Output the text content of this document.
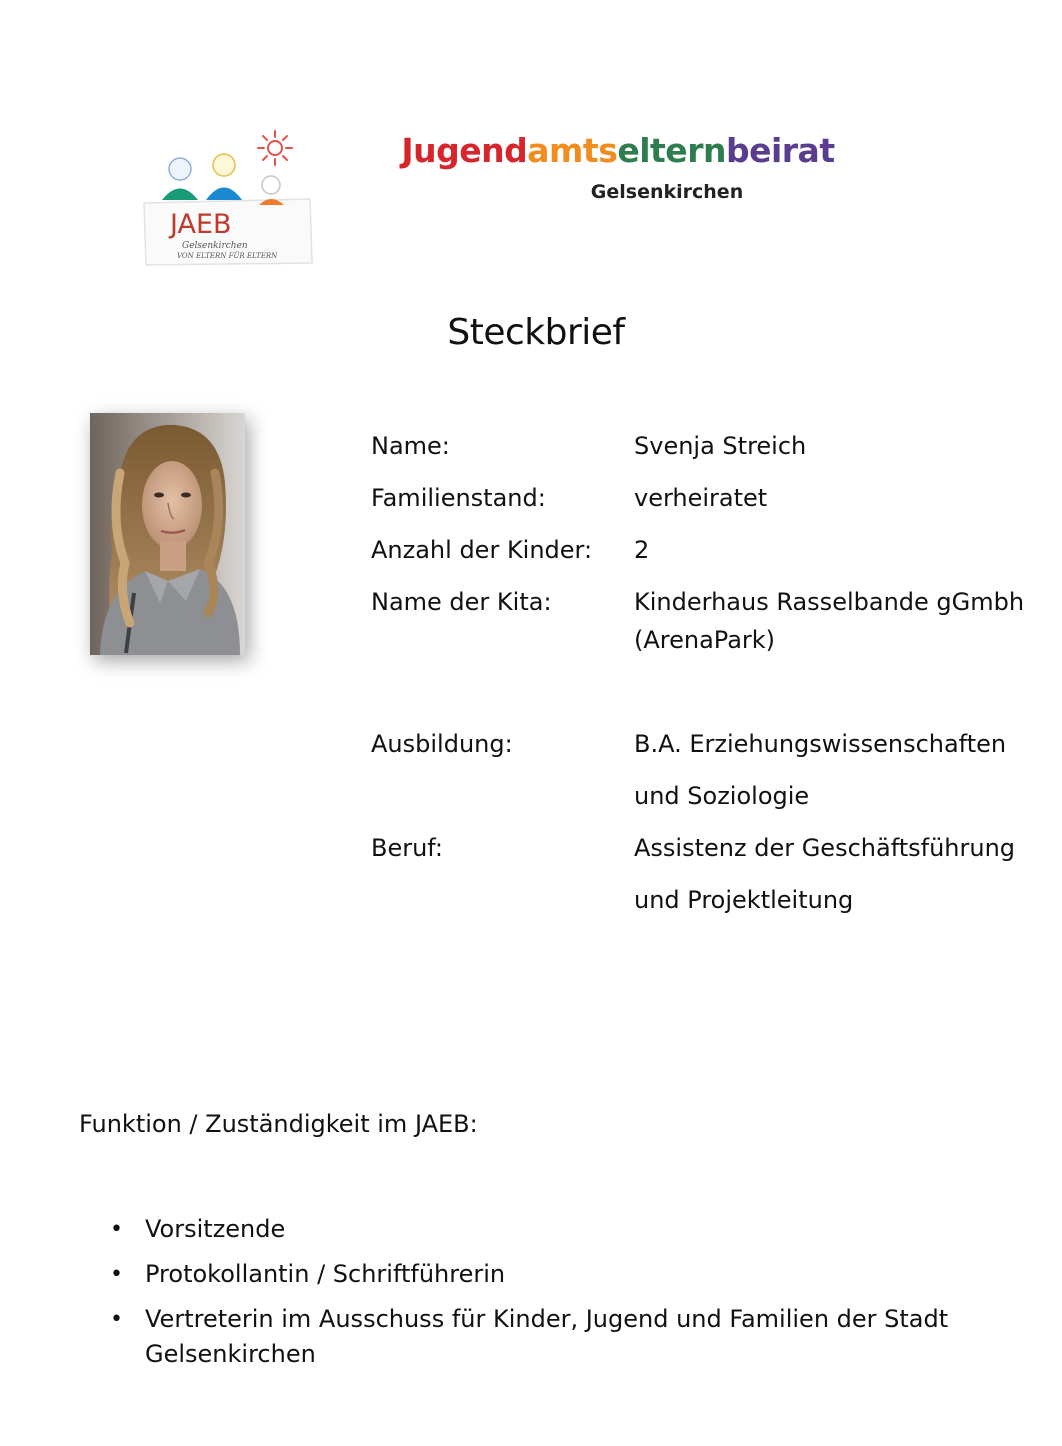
JAEB
Gelsenkirchen
VON ELTERN FÜR ELTERN
Jugendamtselternbeirat
Gelsenkirchen
Steckbrief
Name:	Svenja Streich
Familienstand:	verheiratet
Anzahl der Kinder: 2
Name der Kita:	Kinderhaus Rasselbande gGmbh
(ArenaPark)
Ausbildung:	B.A. Erziehungswissenschaften
und Soziologie
Beruf:	Assistenz der Geschäftsführung
und Projektleitung
Funktion / Zuständigkeit im JAEB:
• Vorsitzende
• Protokollantin / Schriftführerin
• Vertreterin im Ausschuss für Kinder, Jugend und Familien der Stadt Gelsenkirchen
